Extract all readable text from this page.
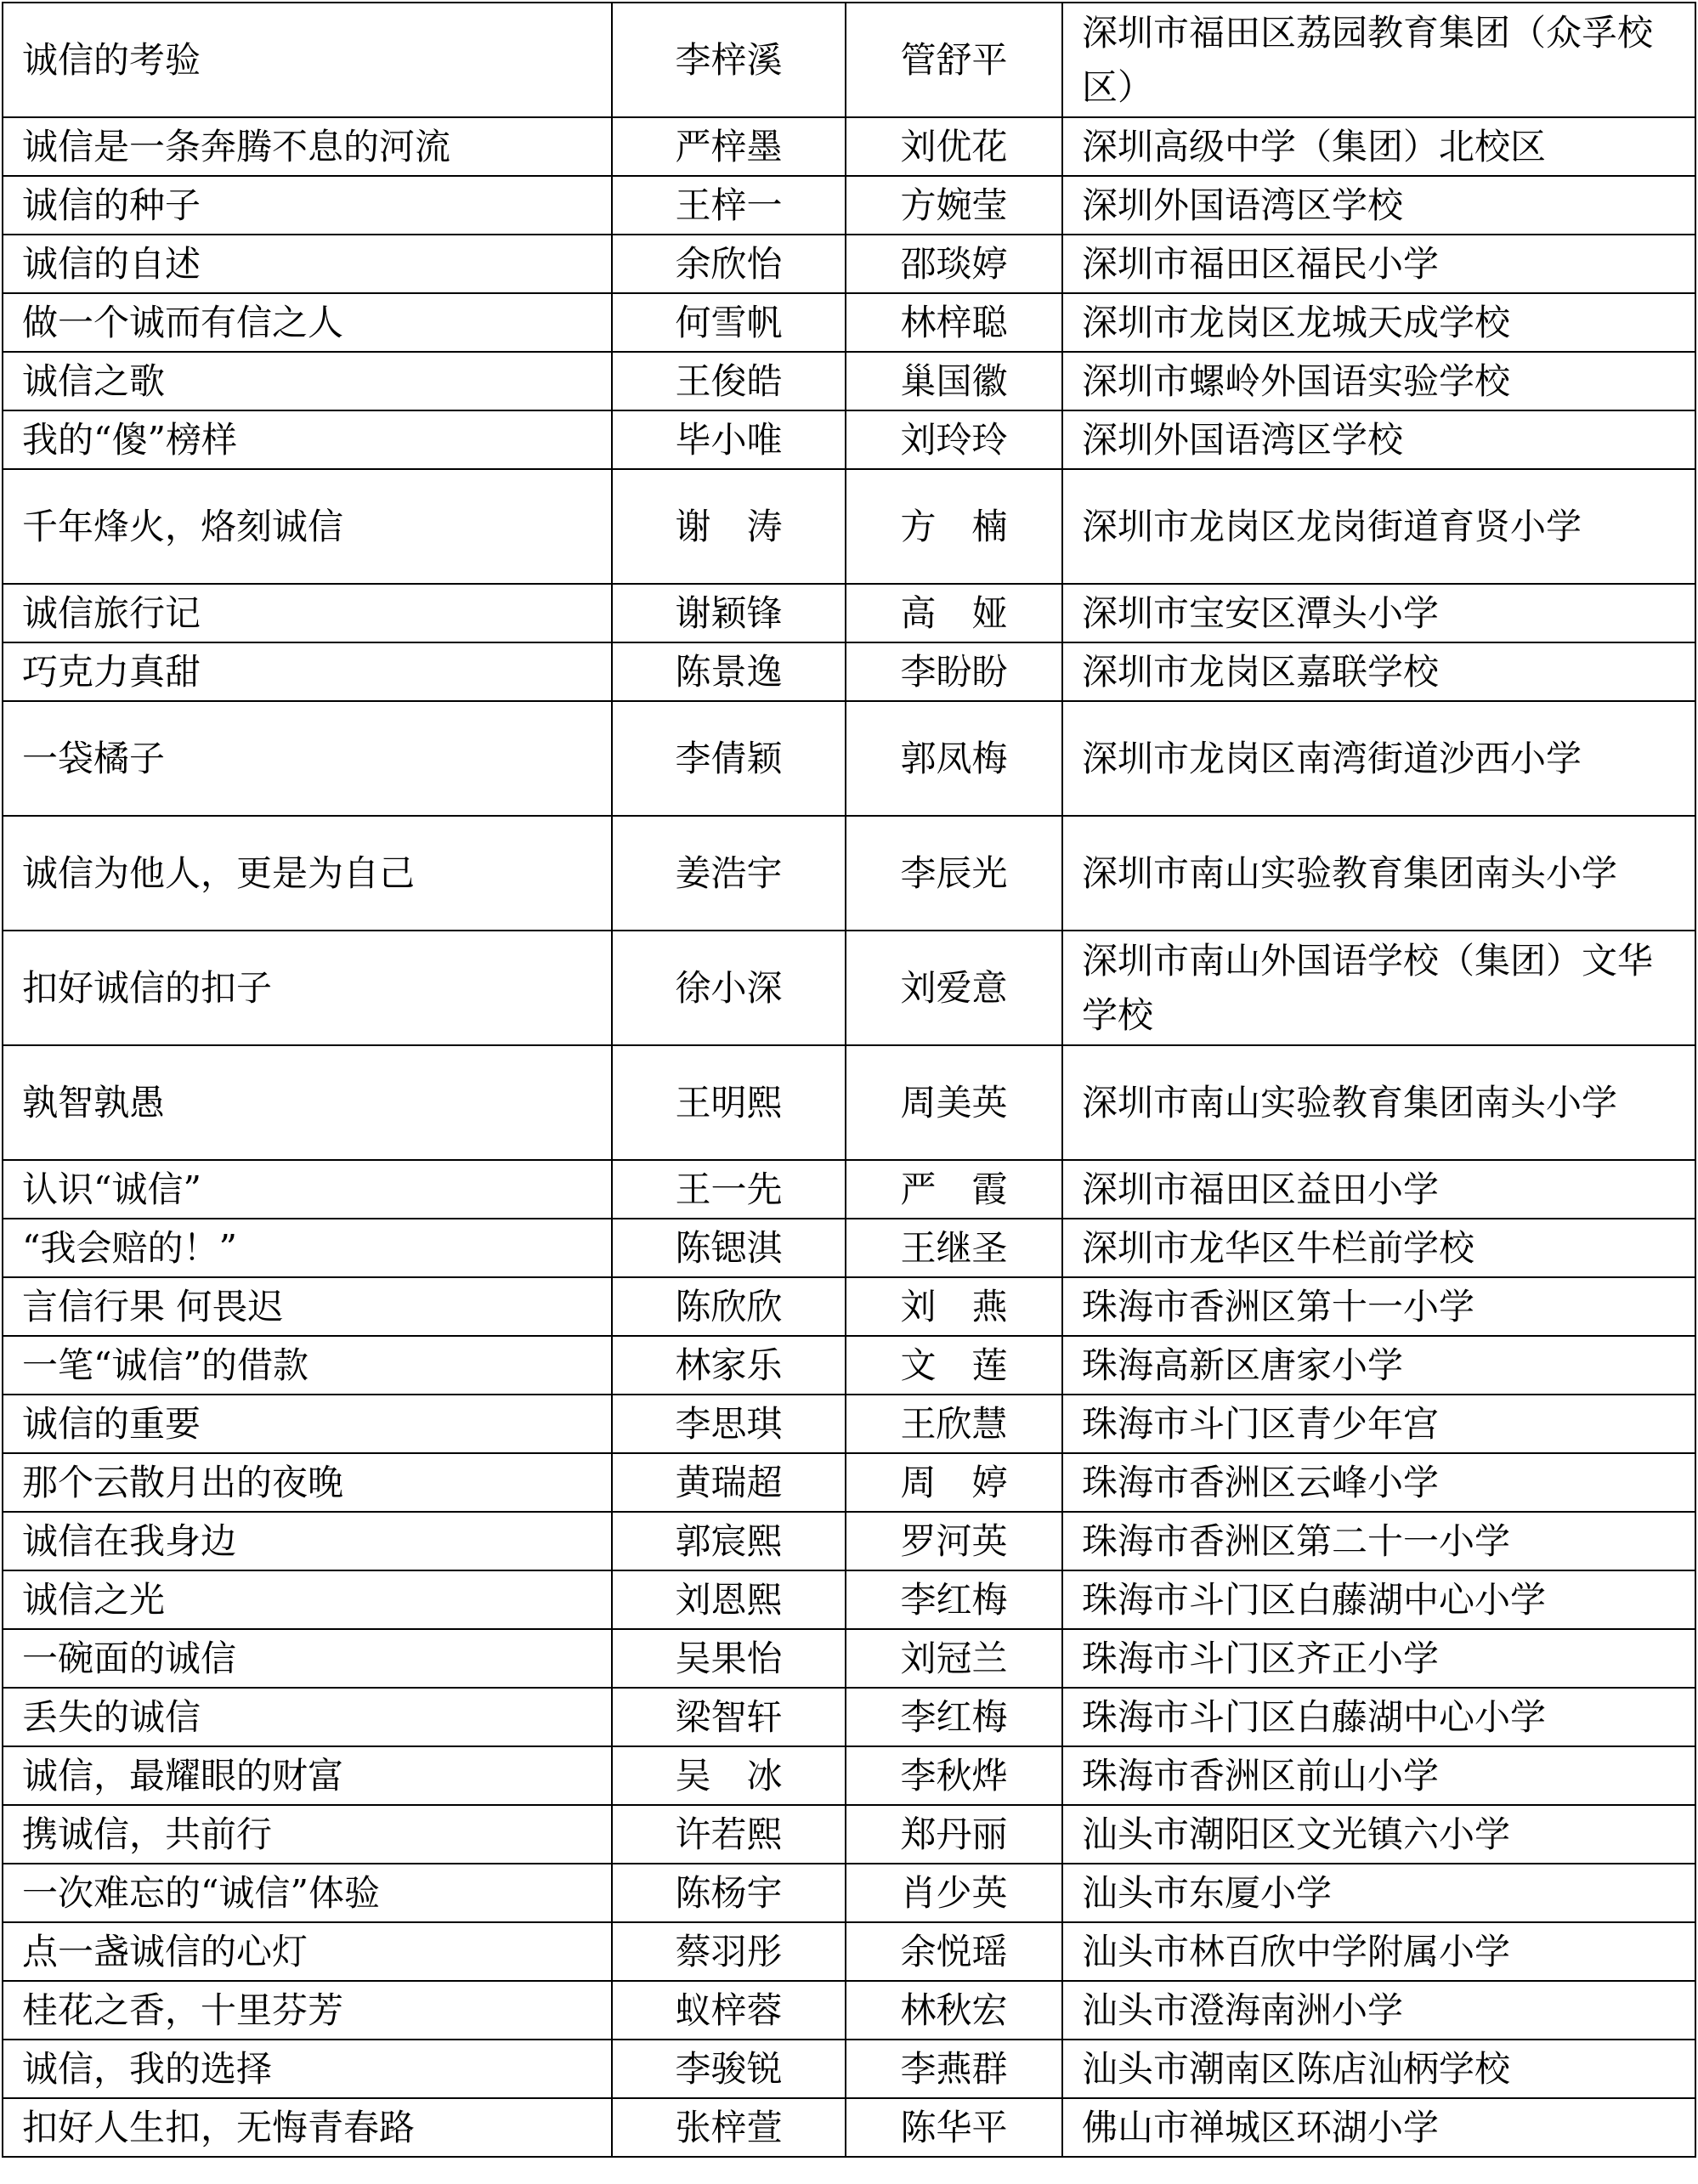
诚信的考验	李梓溪	管舒平	深圳市福田区荔园教育集团（众孚校区）
诚信是一条奔腾不息的河流	严梓墨	刘优花	深圳高级中学（集团）北校区
诚信的种子	王梓一	方婉莹	深圳外国语湾区学校
诚信的自述	余欣怡	邵琰婷	深圳市福田区福民小学
做一个诚而有信之人	何雪帆	林梓聪	深圳市龙岗区龙城天成学校
诚信之歌	王俊皓	巢国徽	深圳市螺岭外国语实验学校
我的“傻”榜样	毕小唯	刘玲玲	深圳外国语湾区学校
千年烽火，烙刻诚信	谢　涛	方　楠	深圳市龙岗区龙岗街道育贤小学
诚信旅行记	谢颖锋	高　娅	深圳市宝安区潭头小学
巧克力真甜	陈景逸	李盼盼	深圳市龙岗区嘉联学校
一袋橘子	李倩颖	郭凤梅	深圳市龙岗区南湾街道沙西小学
诚信为他人，更是为自己	姜浩宇	李辰光	深圳市南山实验教育集团南头小学
扣好诚信的扣子	徐小深	刘爱意	深圳市南山外国语学校（集团）文华学校
孰智孰愚	王明熙	周美英	深圳市南山实验教育集团南头小学
认识“诚信”	王一先	严　霞	深圳市福田区益田小学
“我会赔的！”	陈锶淇	王继圣	深圳市龙华区牛栏前学校
言信行果 何畏迟	陈欣欣	刘　燕	珠海市香洲区第十一小学
一笔“诚信”的借款	林家乐	文　莲	珠海高新区唐家小学
诚信的重要	李思琪	王欣慧	珠海市斗门区青少年宫
那个云散月出的夜晚	黄瑞超	周　婷	珠海市香洲区云峰小学
诚信在我身边	郭宸熙	罗河英	珠海市香洲区第二十一小学
诚信之光	刘恩熙	李红梅	珠海市斗门区白藤湖中心小学
一碗面的诚信	吴果怡	刘冠兰	珠海市斗门区齐正小学
丢失的诚信	梁智轩	李红梅	珠海市斗门区白藤湖中心小学
诚信，最耀眼的财富	吴　冰	李秋烨	珠海市香洲区前山小学
携诚信，共前行	许若熙	郑丹丽	汕头市潮阳区文光镇六小学
一次难忘的“诚信”体验	陈杨宇	肖少英	汕头市东厦小学
点一盏诚信的心灯	蔡羽彤	余悦瑶	汕头市林百欣中学附属小学
桂花之香，十里芬芳	蚁梓蓉	林秋宏	汕头市澄海南洲小学
诚信，我的选择	李骏锐	李燕群	汕头市潮南区陈店汕柄学校
扣好人生扣，无悔青春路	张梓萱	陈华平	佛山市禅城区环湖小学
